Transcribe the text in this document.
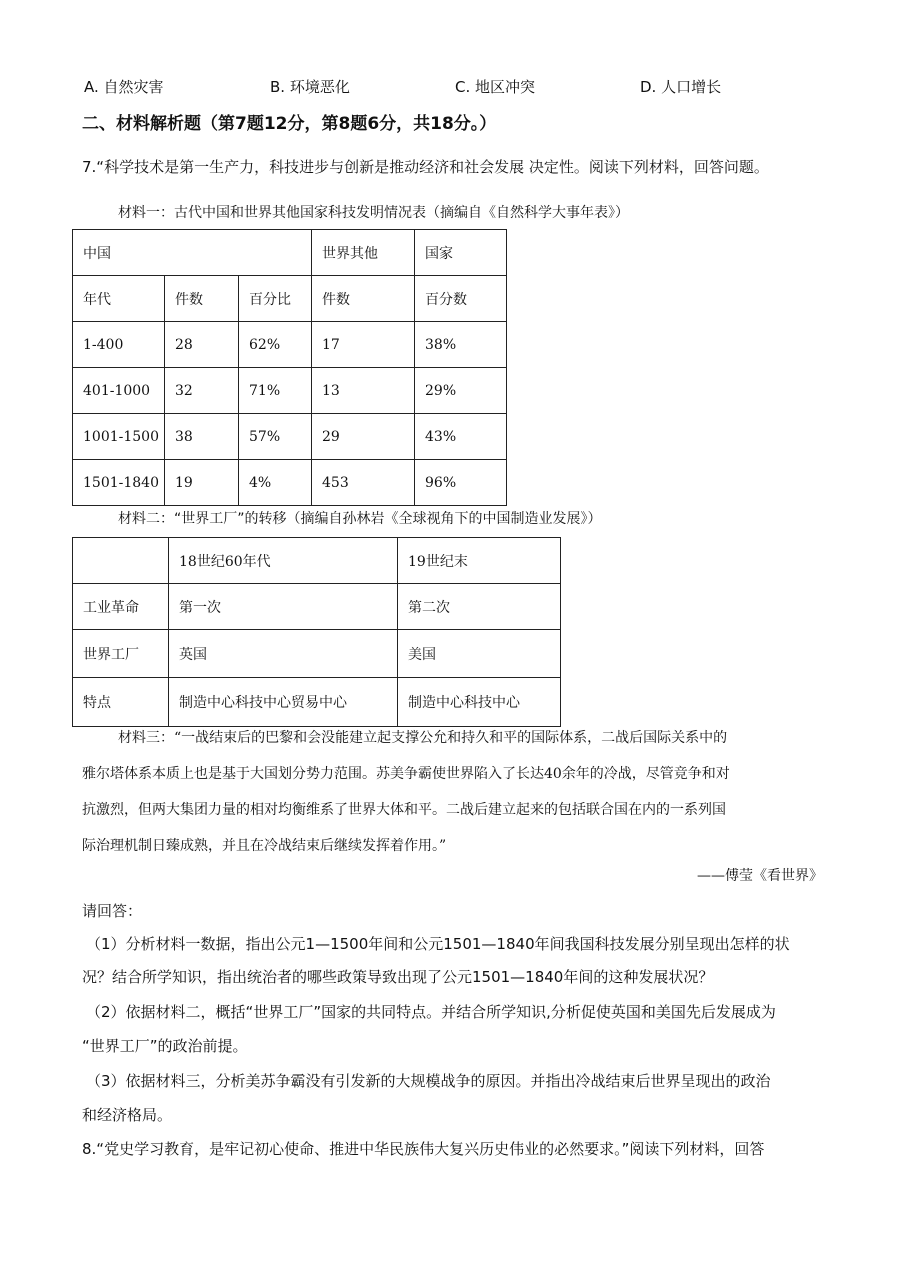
A. 自然灾害	B. 环境恶化	C. 地区冲突	D. 人口增长
二、材料解析题（第7题12分，第8题6分，共18分。）
7.“科学技术是第一生产力，科技进步与创新是推动经济和社会发展 决定性。阅读下列材料，回答问题。
材料一：古代中国和世界其他国家科技发明情况表（摘编自《自然科学大事年表》）
中国			世界其他	国家
年代	件数	百分比	件数	百分数
1-400	28	62%	17	38%
401-1000	32	71%	13	29%
1001-1500	38	57%	29	43%
1501-1840	19	4%	453	96%
材料二：“世界工厂”的转移（摘编自孙林岩《全球视角下的中国制造业发展》）
	18世纪60年代	19世纪末
工业革命	第一次	第二次
世界工厂	英国	美国
特点	制造中心科技中心贸易中心	制造中心科技中心
材料三：“一战结束后的巴黎和会没能建立起支撑公允和持久和平的国际体系，二战后国际关系中的
雅尔塔体系本质上也是基于大国划分势力范围。苏美争霸使世界陷入了长达40余年的冷战，尽管竞争和对
抗激烈，但两大集团力量的相对均衡维系了世界大体和平。二战后建立起来的包括联合国在内的一系列国
际治理机制日臻成熟，并且在冷战结束后继续发挥着作用。”
——傅莹《看世界》
请回答：
（1）分析材料一数据，指出公元1—1500年间和公元1501—1840年间我国科技发展分别呈现出怎样的状
况？结合所学知识，指出统治者的哪些政策导致出现了公元1501—1840年间的这种发展状况？
（2）依据材料二，概括“世界工厂”国家的共同特点。并结合所学知识,分析促使英国和美国先后发展成为
“世界工厂”的政治前提。
（3）依据材料三，分析美苏争霸没有引发新的大规模战争的原因。并指出冷战结束后世界呈现出的政治
和经济格局。
8.“党史学习教育，是牢记初心使命、推进中华民族伟大复兴历史伟业的必然要求。”阅读下列材料，回答
